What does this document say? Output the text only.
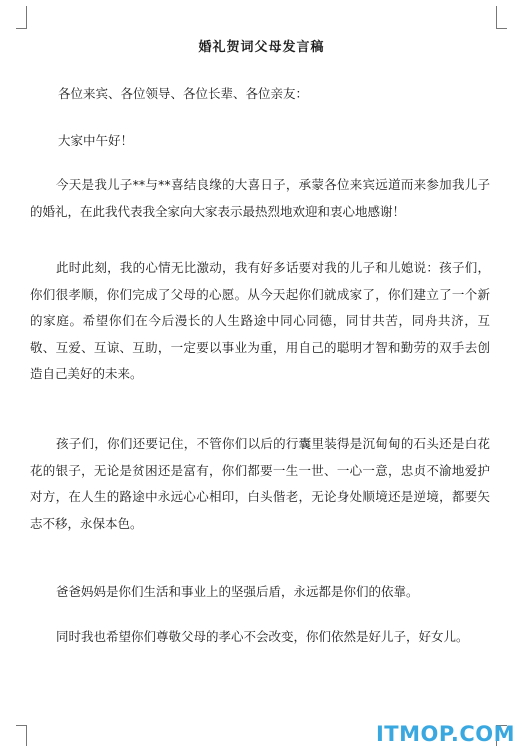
婚礼贺词父母发言稿

各位来宾、各位领导、各位长辈、各位亲友：

大家中午好！

今天是我儿子**与**喜结良缘的大喜日子，承蒙各位来宾远道而来参加我儿子的婚礼，在此我代表我全家向大家表示最热烈地欢迎和衷心地感谢！

此时此刻，我的心情无比激动，我有好多话要对我的儿子和儿媳说：孩子们，你们很孝顺，你们完成了父母的心愿。从今天起你们就成家了，你们建立了一个新的家庭。希望你们在今后漫长的人生路途中同心同德，同甘共苦，同舟共济，互敬、互爱、互谅、互助，一定要以事业为重，用自己的聪明才智和勤劳的双手去创造自己美好的未来。

孩子们，你们还要记住，不管你们以后的行囊里装得是沉甸甸的石头还是白花花的银子，无论是贫困还是富有，你们都要一生一世、一心一意，忠贞不渝地爱护对方，在人生的路途中永远心心相印，白头偕老，无论身处顺境还是逆境，都要矢志不移，永保本色。

爸爸妈妈是你们生活和事业上的坚强后盾，永远都是你们的依靠。

同时我也希望你们尊敬父母的孝心不会改变，你们依然是好儿子，好女儿。

ITMOP.COM
